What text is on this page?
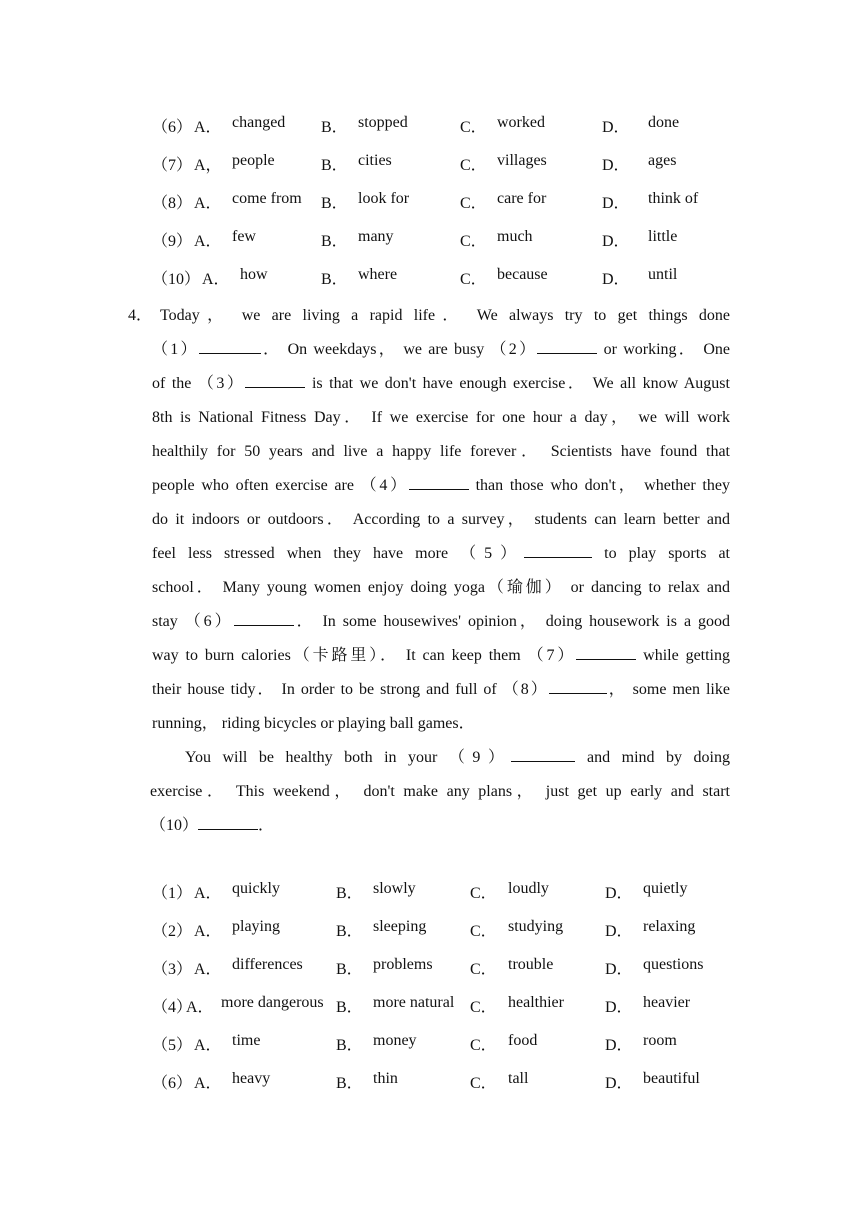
（6） A． changed B． stopped	C． worked	D． done
（7） A， people	B． cities	C． villages	D． ages
（8） A． come from B． look for	C． care for	D． think of
（9） A． few	B． many	C． much	D． little
（10） A． how	B． where	C． because	D． until
4． Today， we are living a rapid life． We always try to get things done
（1）	． On weekdays， we are busy （2）	or working． One
of the （3）	is that we don't have enough exercise． We all know August
8th is National Fitness Day． If we exercise for one hour a day， we will work
healthily for 50 years and live a happy life forever． Scientists have found that
people who often exercise are （4）	than those who don't， whether they
do it indoors or outdoors． According to a survey， students can learn better and
feel less stressed when they have more （5）	to play sports at
school． Many young women enjoy doing yoga（瑜伽） or dancing to relax and
stay （6）	． In some housewives' opinion， doing housework is a good
way to burn calories（卡路里）． It can keep them （7）	while getting
their house tidy． In order to be strong and full of （8）	， some men like
running， riding bicycles or playing ball games．
You will be healthy both in your （9）	and mind by doing
exercise． This weekend， don't make any plans， just get up early and start
（10）	．
（1） A． quickly	B． slowly	C． loudly	D． quietly
（2） A． playing	B． sleeping	C． studying	D． relaxing
（3） A． differences B． problems C． trouble	D． questions
（4）
A． more dangerous B． more natural C． healthier	D． heavier
（5） A． time	B． money	C． food	D． room
（6） A． heavy	B． thin	C． tall	D． beautiful
